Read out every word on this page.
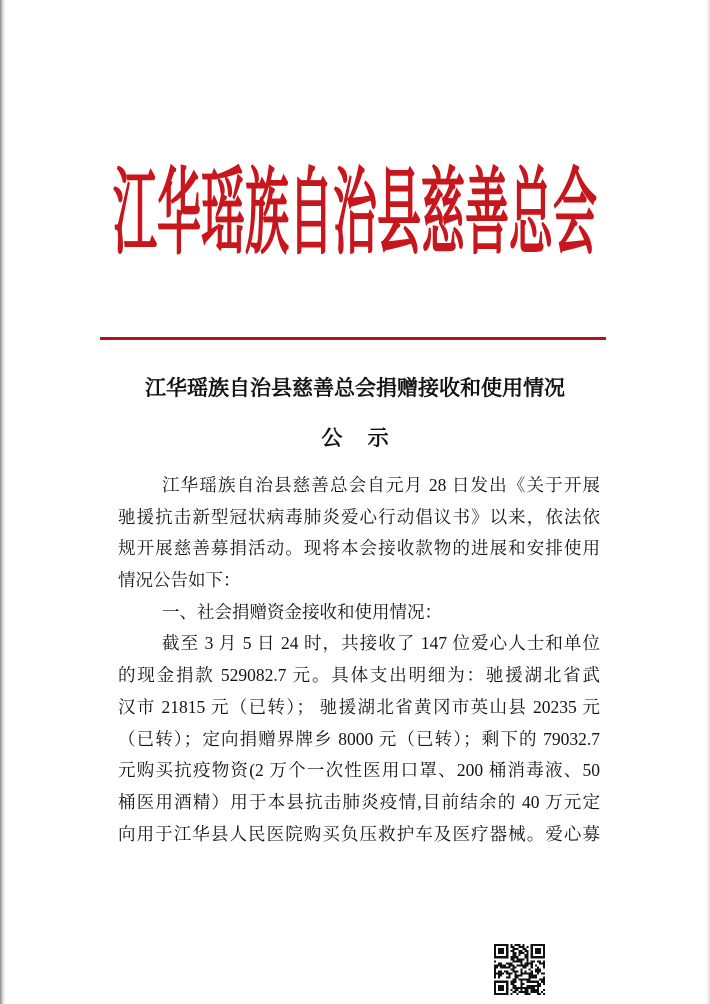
江华瑶族自治县慈善总会
江华瑶族自治县慈善总会捐赠接收和使用情况
公 示
江华瑶族自治县慈善总会自元月 28 日发出《关于开展
驰援抗击新型冠状病毒肺炎爱心行动倡议书》以来，依法依
规开展慈善募捐活动。现将本会接收款物的进展和安排使用
情况公告如下：
一、社会捐赠资金接收和使用情况：
截至 3 月 5 日 24 时，共接收了 147 位爱心人士和单位
的现金捐款 529082.7 元。具体支出明细为：驰援湖北省武
汉市 21815 元（已转）； 驰援湖北省黄冈市英山县 20235 元
（已转）；定向捐赠界牌乡 8000 元（已转）；剩下的 79032.7
元购买抗疫物资(2 万个一次性医用口罩、200 桶消毒液、50
桶医用酒精）用于本县抗击肺炎疫情,目前结余的 40 万元定
向用于江华县人民医院购买负压救护车及医疗器械。爱心募
